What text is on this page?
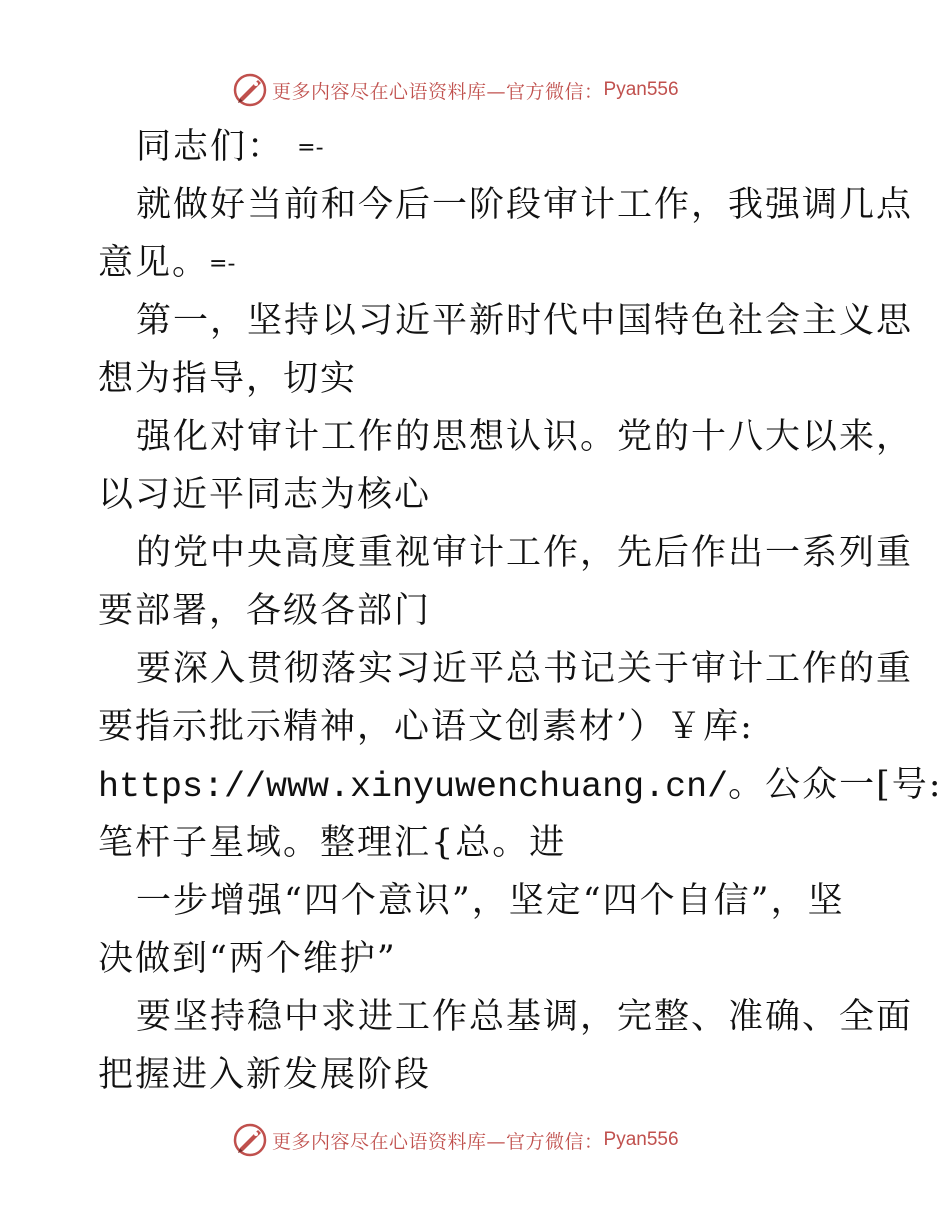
更多内容尽在心语资料库—官方微信： Pyan556
同志们： =-
就做好当前和今后一阶段审计工作，我强调几点
意见。=-
第一，坚持以习近平新时代中国特色社会主义思
想为指导，切实
强化对审计工作的思想认识。党的十八大以来，
以习近平同志为核心
的党中央高度重视审计工作，先后作出一系列重
要部署，各级各部门
要深入贯彻落实习近平总书记关于审计工作的重
要指示批示精神，心语文创素材’）￥库:
https://www.xinyuwenchuang.cn/。公众一[号:
笔杆子星域。整理汇{总。进
一步增强“四个意识”，坚定“四个自信”，坚
决做到“两个维护”
要坚持稳中求进工作总基调，完整、准确、全面
把握进入新发展阶段
更多内容尽在心语资料库—官方微信： Pyan556
